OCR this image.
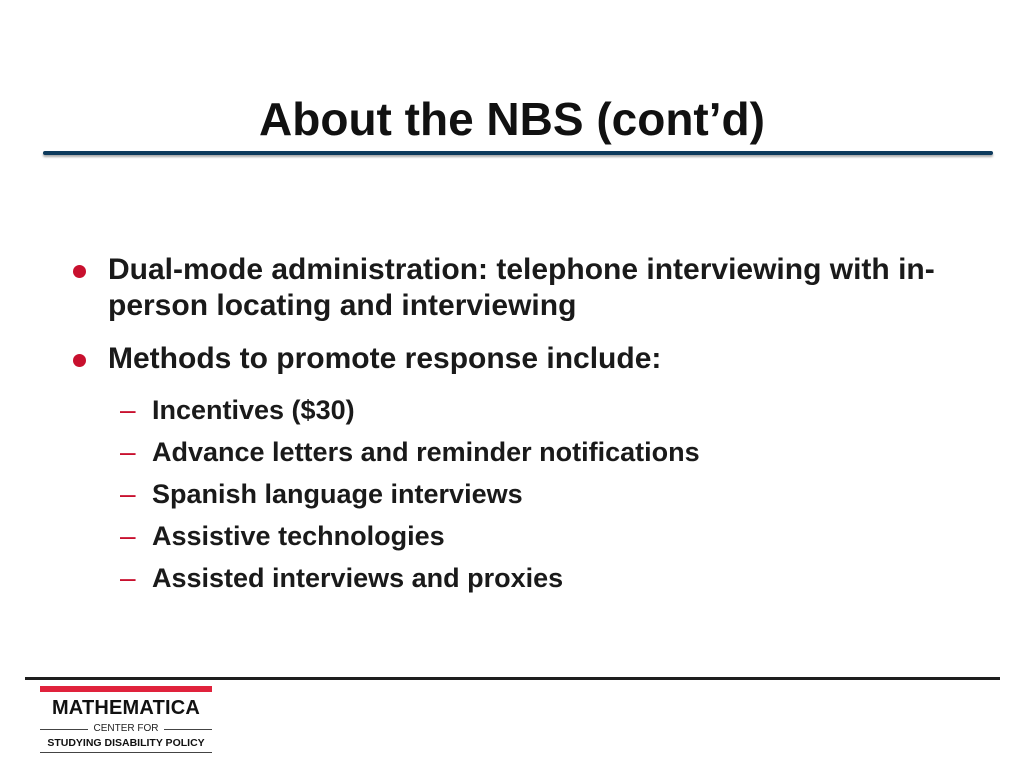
About the NBS (cont’d)
Dual-mode administration: telephone interviewing with in-person locating and interviewing
Methods to promote response include:
– Incentives ($30)
– Advance letters and reminder notifications
– Spanish language interviews
– Assistive technologies
– Assisted interviews and proxies
MATHEMATICA
CENTER FOR
STUDYING DISABILITY POLICY
